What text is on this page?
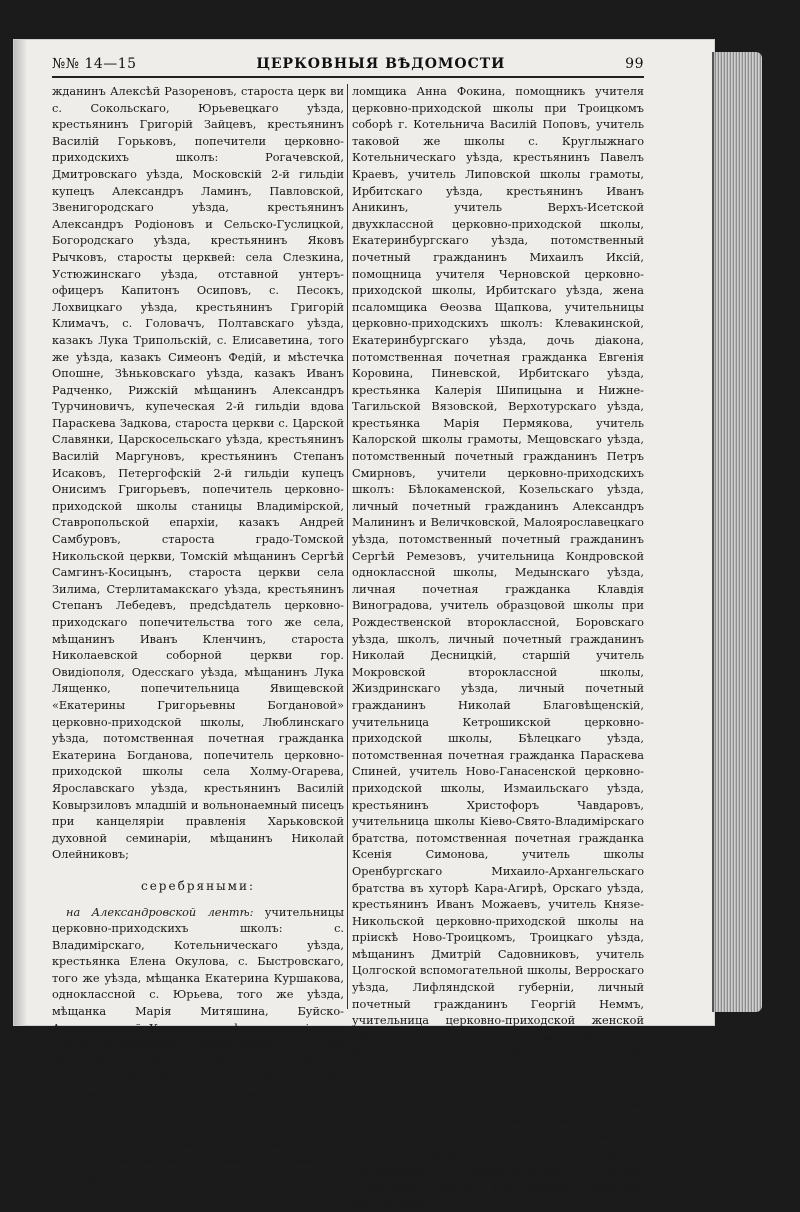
№№ 14—15	ЦЕРКОВНЫЯ ВѢДОМОСТИ	99

жданинъ Алексѣй Разореновъ, староста церк ви с. Сокольскаго, Юрьевецкаго уѣзда, крестьянинъ Григорій Зайцевъ, крестьянинъ Василій Горьковъ, попечители церковно-приходскихъ школъ: Рогачевской, Дмитровскаго уѣзда, Московскій 2-й гильдіи купецъ Александръ Ламинъ, Павловской, Звенигородскаго уѣзда, крестьянинъ Александръ Родіоновъ и Сельско-Гуслицкой, Богородскаго уѣзда, крестьянинъ Яковъ Рычковъ, старосты церквей: села Слезкина, Устюжинскаго уѣзда, отставной унтеръ-офицеръ Капитонъ Осиповъ, с. Песокъ, Лохвицкаго уѣзда, крестьянинъ Григорій Климачъ, с. Головачъ, Полтавскаго уѣзда, казакъ Лука Трипольскій, с. Елисаветина, того же уѣзда, казакъ Симеонъ Федій, и мѣстечка Опошне, Зѣньковскаго уѣзда, казакъ Иванъ Радченко, Рижскій мѣщанинъ Александръ Турчиновичъ, купеческая 2-й гильдіи вдова Параскева Задкова, староста церкви с. Царской Славянки, Царскосельскаго уѣзда, крестьянинъ Василій Маргуновъ, крестьянинъ Степанъ Исаковъ, Петергофскій 2-й гильдіи купецъ Онисимъ Григорьевъ, попечитель церковно-приходской школы станицы Владимірской, Ставропольской епархіи, казакъ Андрей Самбуровъ, староста градо-Томской Никольской церкви, Томскій мѣщанинъ Сергѣй Самгинъ-Косицынъ, староста церкви села Зилима, Стерлитамакскаго уѣзда, крестьянинъ Степанъ Лебедевъ, предсѣдатель церковно-приходскаго попечительства того же села, мѣщанинъ Иванъ Кленчинъ, староста Николаевской соборной церкви гор. Овидіополя, Одесскаго уѣзда, мѣщанинъ Лука Лященко, попечительница Явищевской «Екатерины Григорьевны Богдановой» церковно-приходской школы, Люблинскаго уѣзда, потомственная почетная гражданка Екатерина Богданова, попечитель церковно-приходской школы села Холму-Огарева, Ярославскаго уѣзда, крестьянинъ Василій Ковырзиловъ младшій и вольнонаемный писецъ при канцеляріи правленія Харьковской духовной семинаріи, мѣщанинъ Николай Олейниковъ;

серебряными:

на Александровской лентѣ: учительницы церковно-приходскихъ школъ: с. Владимірскаго, Котельническаго уѣзда, крестьянка Елена Окулова, с. Быстровскаго, того же уѣзда, мѣщанка Екатерина Куршакова, одноклассной с. Юрьева, того же уѣзда, мѣщанка Марія Митяшина, Буйско-Архангельской, Уржумскаго уѣзда, дочь діакона Ольга Овчинникова, Индыгойской, того же уѣзда, мѣщанка Елена Мамаева, Куршаковской, того же уѣзда, мѣщанка Юлія Полстовалова, Больше-Пильмучашской, того же уѣзда, дочь псаломщика Анна Ложкина, Меляндской, того же уѣзда, дочь священника Августа Христолюбова, Петровской женской, того же уѣзда, вдова священника Раиса Чемоданова и Вѣльской, Глазовскаго уѣзда, дочь пса-

ломщика Анна Фокина, помощникъ учителя церковно-приходской школы при Троицкомъ соборѣ г. Котельнича Василій Поповъ, учитель таковой же школы с. Круглыжнаго Котельническаго уѣзда, крестьянинъ Павелъ Краевъ, учитель Липовской школы грамоты, Ирбитскаго уѣзда, крестьянинъ Иванъ Аникинъ, учитель Верхъ-Исетской двухклассной церковно-приходской школы, Екатеринбургскаго уѣзда, потомственный почетный гражданинъ Михаилъ Иксій, помощница учителя Черновской церковно-приходской школы, Ирбитскаго уѣзда, жена псаломщика Өеозва Щапкова, учительницы церковно-приходскихъ школъ: Клевакинской, Екатеринбургскаго уѣзда, дочь діакона, потомственная почетная гражданка Евгенія Коровина, Пиневской, Ирбитскаго уѣзда, крестьянка Калерія Шипицына и Нижне-Тагильской Вязовской, Верхотурскаго уѣзда, крестьянка Марія Пермякова, учитель Калорской школы грамоты, Мещовскаго уѣзда, потомственный почетный гражданинъ Петръ Смирновъ, учители церковно-приходскихъ школъ: Бѣлокаменской, Козельскаго уѣзда, личный почетный гражданинъ Александръ Малининъ и Величковской, Малоярославецкаго уѣзда, потомственный почетный гражданинъ Сергѣй Ремезовъ, учительница Кондровской одноклассной школы, Медынскаго уѣзда, личная почетная гражданка Клавдія Виноградова, учитель образцовой школы при Рождественской второклассной, Боровскаго уѣзда, школъ, личный почетный гражданинъ Николай Десницкій, старшій учитель Мокровской второклассной школы, Жиздринскаго уѣзда, личный почетный гражданинъ Николай Благовѣщенскій, учительница Кетрошикской церковно-приходской школы, Бѣлецкаго уѣзда, потомственная почетная гражданка Параскева Спиней, учитель Ново-Ганасенской церковно-приходской школы, Измаильскаго уѣзда, крестьянинъ Христофоръ Чавдаровъ, учительница школы Кіево-Свято-Владимірскаго братства, потомственная почетная гражданка Ксенія Симонова, учитель школы Оренбургскаго Михаило-Архангельскаго братства въ хуторѣ Кара-Агирѣ, Орскаго уѣзда, крестьянинъ Иванъ Можаевъ, учитель Князе-Никольской церковно-приходской школы на пріискѣ Ново-Троицкомъ, Троицкаго уѣзда, мѣщанинъ Дмитрій Садовниковъ, учитель Цолгоской вспомогательной школы, Верроскаго уѣзда, Лифляндской губерніи, личный почетный гражданинъ Георгій Неммъ, учительница церковно-приходской женской школы при Ключегорскомъ Казанско-Богородицкомъ женскомъ монастырѣ, Бузулукскаго уѣзда, дочь діакона Анна Раковская, учительницы церковно-приходскихъ школъ: Царскосельской госпитальной, вдова діакона Варвара Петрова, С.-Петербургской Князь-Владимірской, Орлово-Новосильцевской, дочь псаломщика Валентина Щеглова и Лиснинской, Царскосельскаго уѣзда, Александра Баранъ, учительница Казанской школы мало-
